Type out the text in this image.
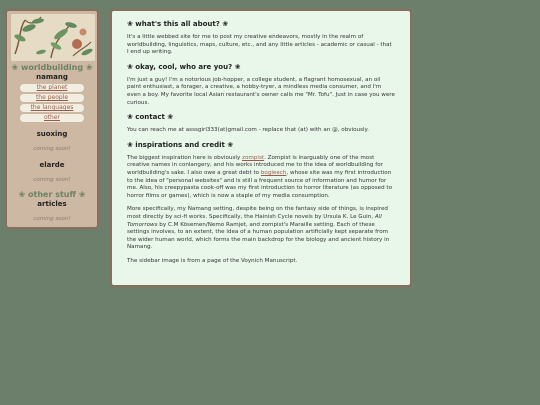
❀ worldbuilding ❀
namang
the planet
the people
the languages
other
suoxing
coming soon!
elarde
coming soon!
❀ other stuff ❀
articles
coming soon!
❀ what's this all about? ❀

It's a little webbed site for me to post my creative endeavors, mostly in the realm of worldbuilding, linguistics, maps, culture, etc., and any little articles - academic or casual - that I end up writing.

❀ okay, cool, who are you? ❀

I'm just a guy! I'm a notorious job-hopper, a college student, a flagrant homosexual, an oil paint enthusiast, a forager, a creative, a hobby-tryer, a mindless media consumer, and I'm even a boy. My favorite local Asian restaurant's owner calls me "Mr. Tofu". Just in case you were curious.

❀ contact ❀

You can reach me at asssgirl333(at)gmail.com - replace that (at) with an @, obviously.

❀ inspirations and credit ❀

The biggest inspiration here is obviously zompist. Zompist is inarguably one of the most creative names in conlangery, and his works introduced me to the idea of worldbuilding for worldbuilding's sake. I also owe a great debt to bogleech, whose site was my first introduction to the idea of "personal websites" and is still a frequent source of information and humor for me. Also, his creepypasta cook-off was my first introduction to horror literature (as opposed to horror films or games), which is now a staple of my media consumption.

More specifically, my Namang setting, despite being on the fantasy side of things, is inspired most directly by sci-fi works. Specifically, the Hainish Cycle novels by Ursula K. Le Guin, All Tomorrows by C.M Kösemen/Nemo Ramjet, and zompist's Maraille setting. Each of these settings involves, to an extent, the idea of a human population artificially kept separate from the wider human world, which forms the main backdrop for the biology and ancient history in Namang.

The sidebar image is from a page of the Voynich Manuscript.
